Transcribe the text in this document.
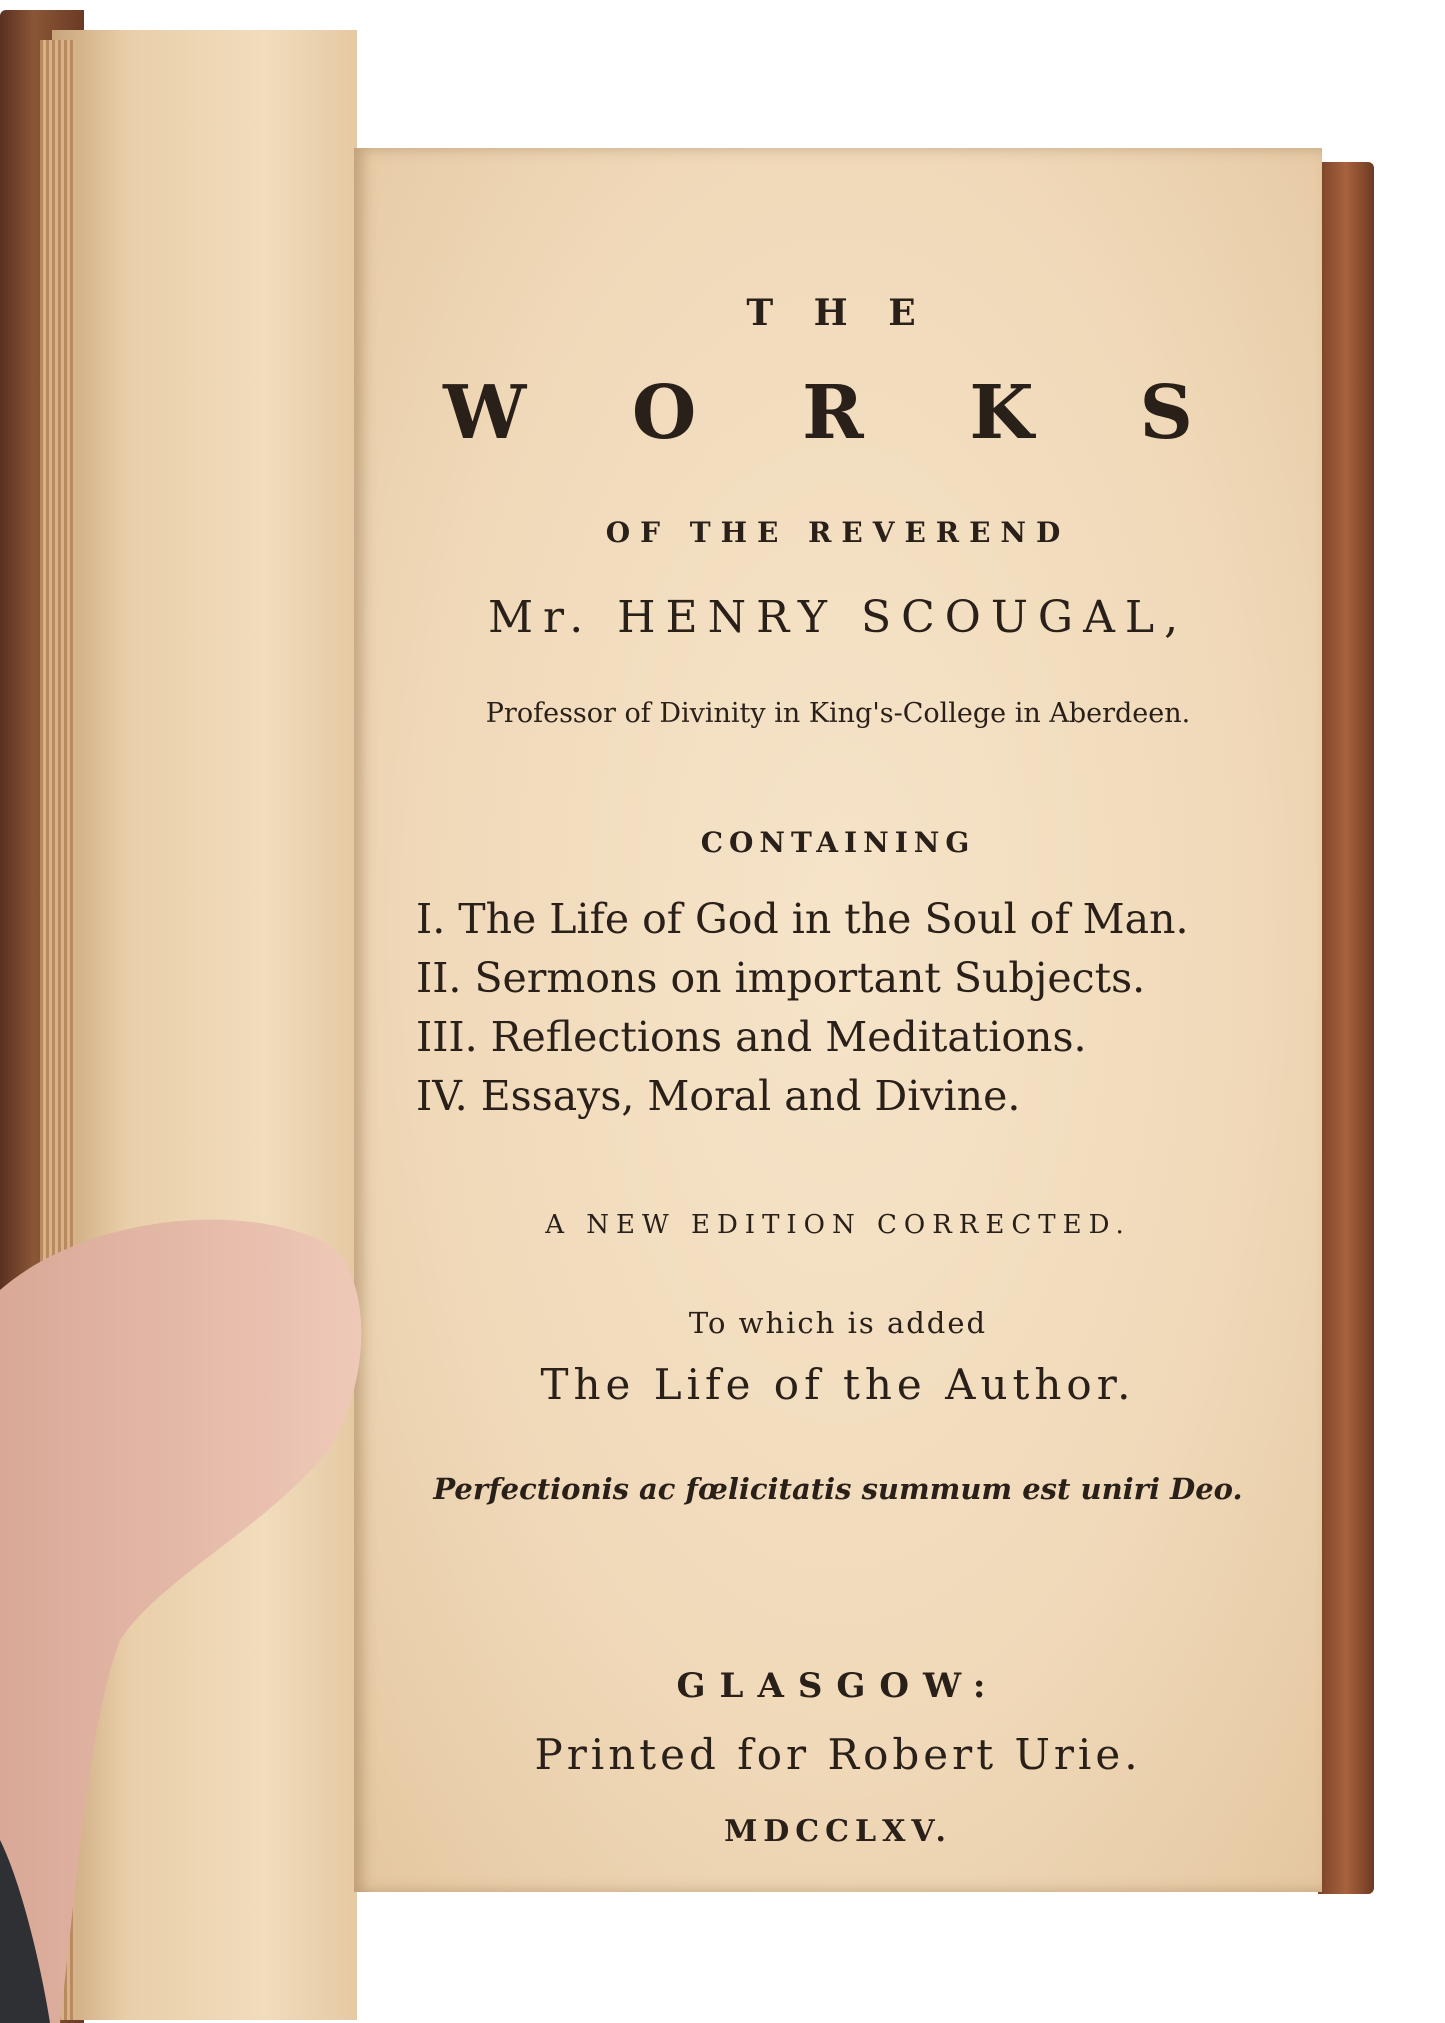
T H E
W O R K S
OF THE REVEREND
Mr. HENRY SCOUGAL,
Professor of Divinity in King's-College in Aberdeen.
CONTAINING
I. The Life of God in the Soul of Man.
II. Sermons on important Subjects.
III. Reflections and Meditations.
IV. Essays, Moral and Divine.
A NEW EDITION CORRECTED.
To which is added
The Life of the Author.
Perfectionis ac fœlicitatis summum est uniri Deo.
GLASGOW:
Printed for Robert Urie.
MDCCLXV.
